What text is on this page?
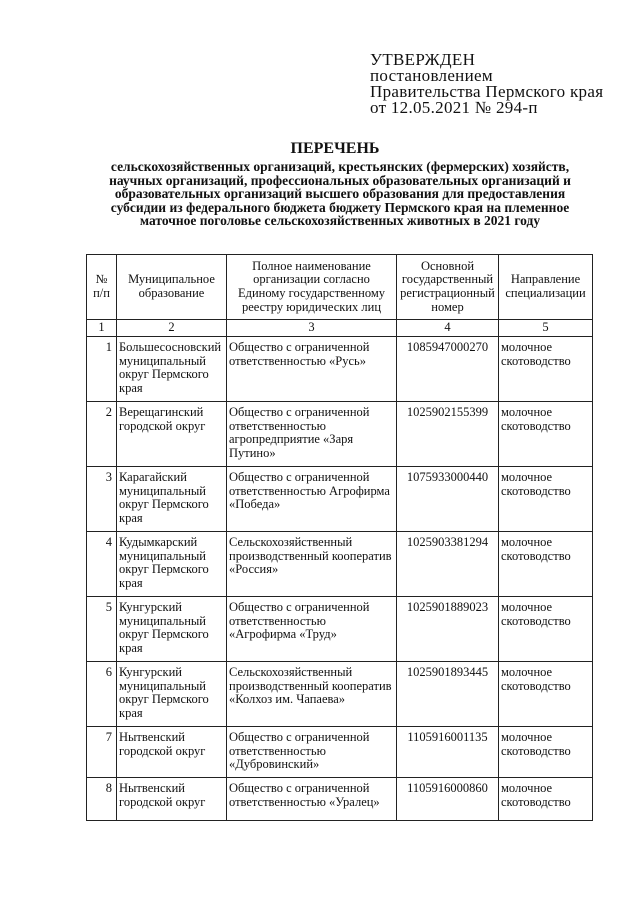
УТВЕРЖДЕН
постановлением
Правительства Пермского края
от 12.05.2021 № 294-п
ПЕРЕЧЕНЬ
сельскохозяйственных организаций, крестьянских (фермерских) хозяйств, научных организаций, профессиональных образовательных организаций и образовательных организаций высшего образования для предоставления субсидии из федерального бюджета бюджету Пермского края на племенное маточное поголовье сельскохозяйственных животных в 2021 году
№ п/п	Муниципальное образование	Полное наименование организации согласно Единому государственному реестру юридических лиц	Основной государственный регистрационный номер	Направление специализации
1	2	3	4	5
1	Большесосновский муниципальный округ Пермского края	Общество с ограниченной ответственностью «Русь»	1085947000270	молочное скотоводство
2	Верещагинский городской округ	Общество с ограниченной ответственностью агропредприятие «Заря Путино»	1025902155399	молочное скотоводство
3	Карагайский муниципальный округ Пермского края	Общество с ограниченной ответственностью Агрофирма «Победа»	1075933000440	молочное скотоводство
4	Кудымкарский муниципальный округ Пермского края	Сельскохозяйственный производственный кооператив «Россия»	1025903381294	молочное скотоводство
5	Кунгурский муниципальный округ Пермского края	Общество с ограниченной ответственностью «Агрофирма «Труд»	1025901889023	молочное скотоводство
6	Кунгурский муниципальный округ Пермского края	Сельскохозяйственный производственный кооператив «Колхоз им. Чапаева»	1025901893445	молочное скотоводство
7	Нытвенский городской округ	Общество с ограниченной ответственностью «Дубровинский»	1105916001135	молочное скотоводство
8	Нытвенский городской округ	Общество с ограниченной ответственностью «Уралец»	1105916000860	молочное скотоводство
